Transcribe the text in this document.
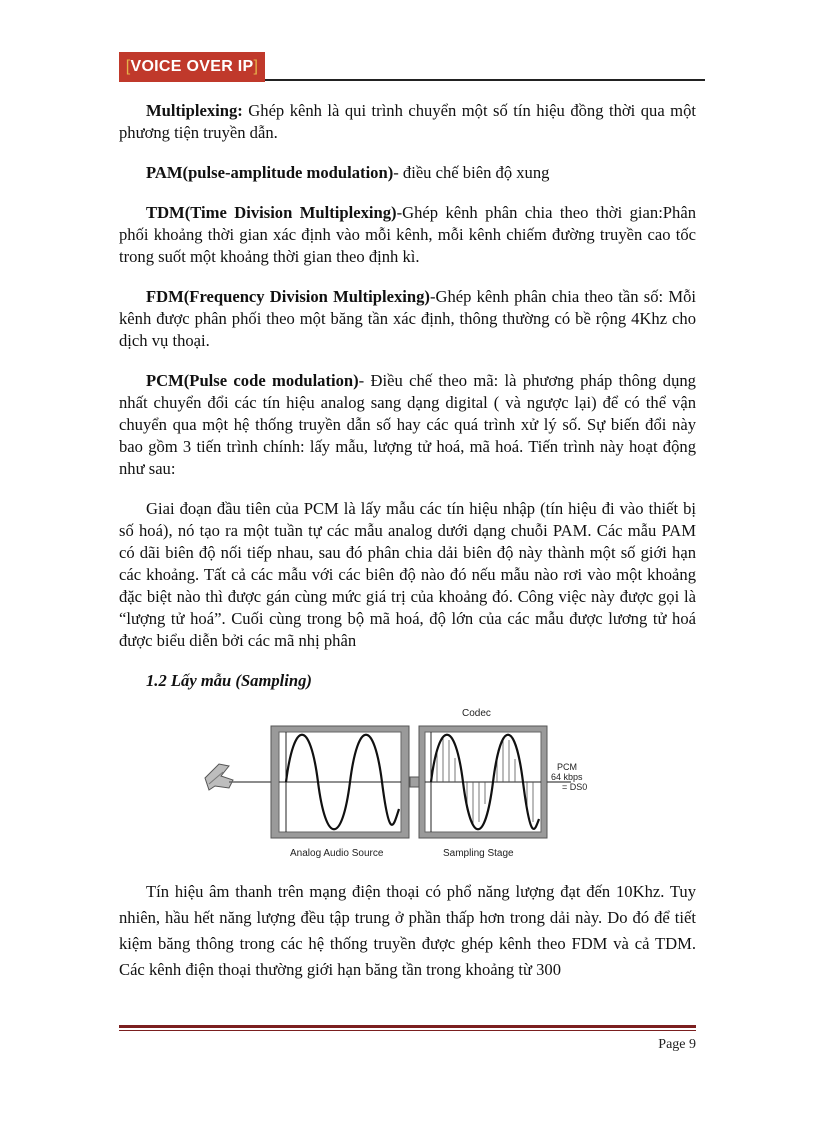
[VOICE OVER IP]

Multiplexing: Ghép kênh là qui trình chuyển một số tín hiệu đồng thời qua một phương tiện truyền dẫn.

PAM(pulse-amplitude modulation)- điều chế biên độ xung

TDM(Time Division Multiplexing)-Ghép kênh phân chia theo thời gian:Phân phối khoảng thời gian xác định vào mỗi kênh, mỗi kênh chiếm đường truyền cao tốc trong suốt một khoảng thời gian theo định kì.

FDM(Frequency Division Multiplexing)-Ghép kênh phân chia theo tần số: Mỗi kênh được phân phối theo một băng tần xác định, thông thường có bề rộng 4Khz cho dịch vụ thoại.

PCM(Pulse code modulation)- Điều chế theo mã: là phương pháp thông dụng nhất chuyển đổi các tín hiệu analog sang dạng digital ( và ngược lại) để có thể vận chuyển qua một hệ thống truyền dẫn số hay các quá trình xử lý số. Sự biến đổi này bao gồm 3 tiến trình chính: lấy mẫu, lượng tử hoá, mã hoá. Tiến trình này hoạt động như sau:

Giai đoạn đầu tiên của PCM là lấy mẫu các tín hiệu nhập (tín hiệu đi vào thiết bị số hoá), nó tạo ra một tuần tự các mẫu analog dưới dạng chuỗi PAM. Các mẫu PAM có dãi biên độ nối tiếp nhau, sau đó phân chia dải biên độ này thành một số giới hạn các khoảng. Tất cả các mẫu với các biên độ nào đó nếu mẫu nào rơi vào một khoảng đặc biệt nào thì được gán cùng mức giá trị của khoảng đó. Công việc này được gọi là “lượng tử hoá”. Cuối cùng trong bộ mã hoá, độ lớn của các mẫu được lương tử hoá được biểu diễn bởi các mã nhị phân

1.2 Lấy mẫu (Sampling)

Codec
PCM
64 kbps
= DS0
Analog Audio Source	Sampling Stage

Tín hiệu âm thanh trên mạng điện thoại có phổ năng lượng đạt đến 10Khz. Tuy nhiên, hầu hết năng lượng đều tập trung ở phần thấp hơn trong dải này. Do đó để tiết kiệm băng thông trong các hệ thống truyền được ghép kênh theo FDM và cả TDM. Các kênh điện thoại thường giới hạn băng tần trong khoảng từ 300

Page 9
